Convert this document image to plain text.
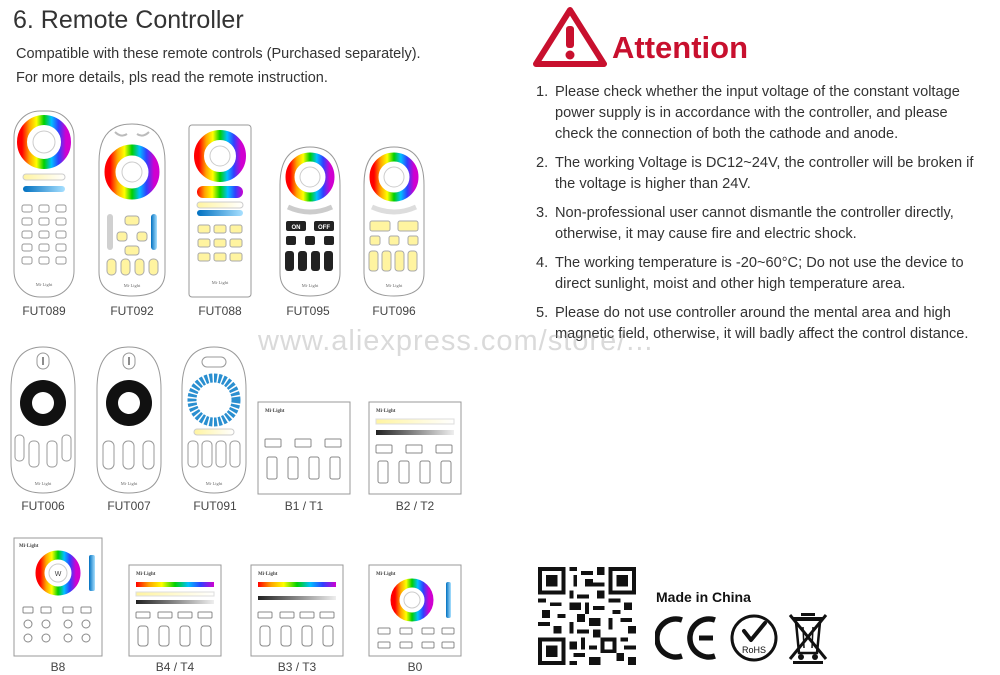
6. Remote Controller
Compatible with these remote controls (Purchased separately).
For more details, pls read the remote instruction.
Attention
1. Please check whether the input voltage of the constant voltage power supply is in accordance with the controller, and please check the connection of both the cathode and anode.
2. The working Voltage is DC12~24V, the controller will be broken if the voltage is higher than 24V.
3. Non-professional user cannot dismantle the controller directly, otherwise, it may cause fire and electric shock.
4. The working temperature is -20~60°C; Do not use the device to direct sunlight, moist and other high temperature area.
5. Please do not use controller around the mental area and high magnetic field, otherwise, it will badly affect the control distance.
Mi·Light
FUT089
Mi·Light
FUT092
Mi·Light
FUT088
ON	OFF
Mi·Light
FUT095
Mi·Light
FUT096
Mi·Light
FUT006
Mi·Light
FUT007
Mi·Light
FUT091
Mi·Light
B1 / T1
Mi·Light
B2 / T2
www.aliexpress.com/store/...
Mi·Light
W
B8
Mi·Light
B4 / T4
Mi·Light
B3 / T3
Mi·Light
B0
Made in China
RoHS
